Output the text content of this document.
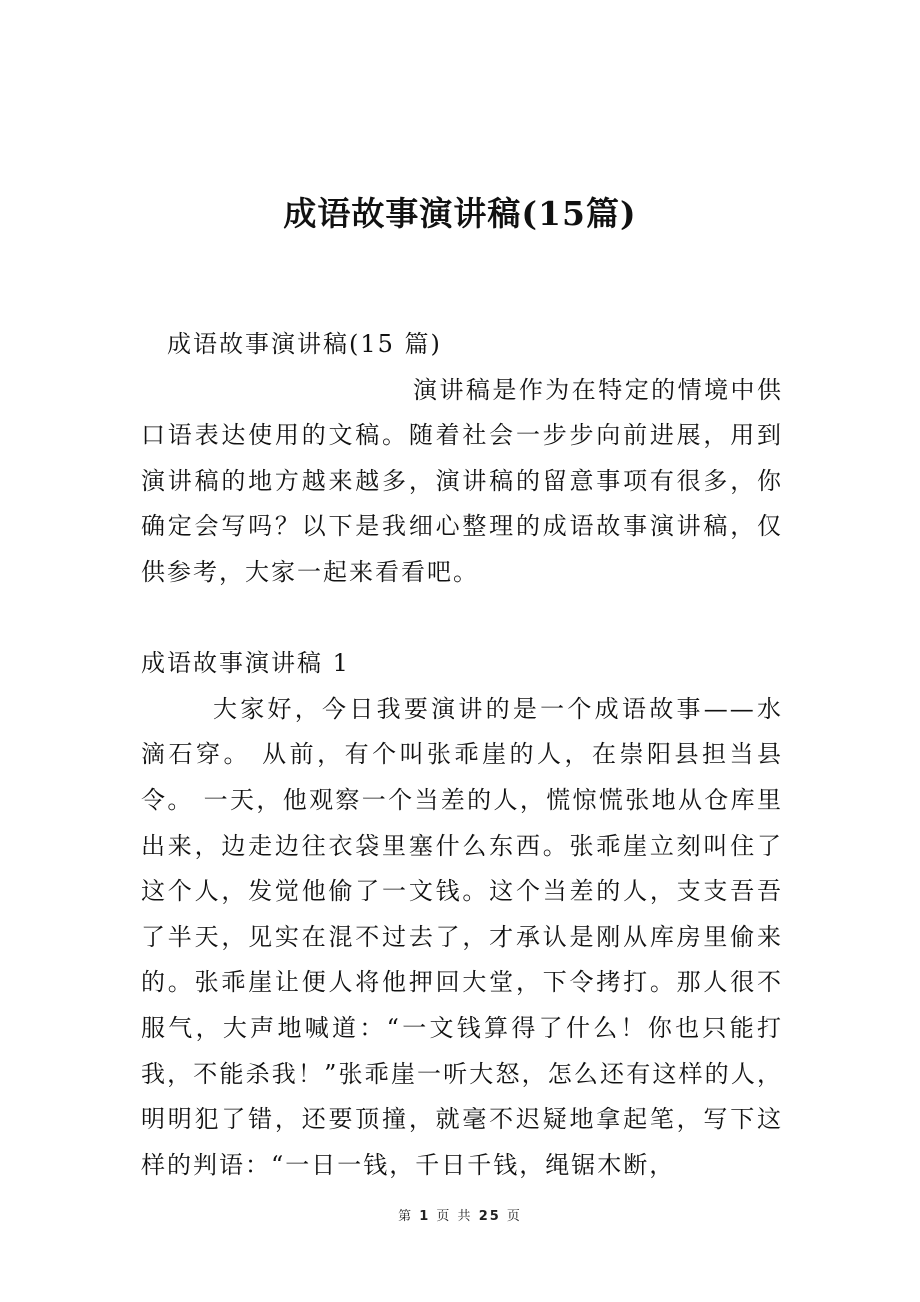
成语故事演讲稿(15篇)

成语故事演讲稿(15 篇)

演讲稿是作为在特定的情境中供口语表达使用的文稿。随着社会一步步向前进展，用到演讲稿的地方越来越多，演讲稿的留意事项有很多，你确定会写吗？以下是我细心整理的成语故事演讲稿，仅供参考，大家一起来看看吧。

成语故事演讲稿 1

大家好，今日我要演讲的是一个成语故事——水滴石穿。 从前，有个叫张乖崖的人，在崇阳县担当县令。 一天，他观察一个当差的人，慌惊慌张地从仓库里出来，边走边往衣袋里塞什么东西。张乖崖立刻叫住了这个人，发觉他偷了一文钱。这个当差的人，支支吾吾了半天，见实在混不过去了，才承认是刚从库房里偷来的。张乖崖让便人将他押回大堂，下令拷打。那人很不服气，大声地喊道：“一文钱算得了什么！你也只能打我，不能杀我！”张乖崖一听大怒，怎么还有这样的人，明明犯了错，还要顶撞，就毫不迟疑地拿起笔，写下这样的判语：“一日一钱，千日千钱，绳锯木断，

第 1 页 共 25 页
